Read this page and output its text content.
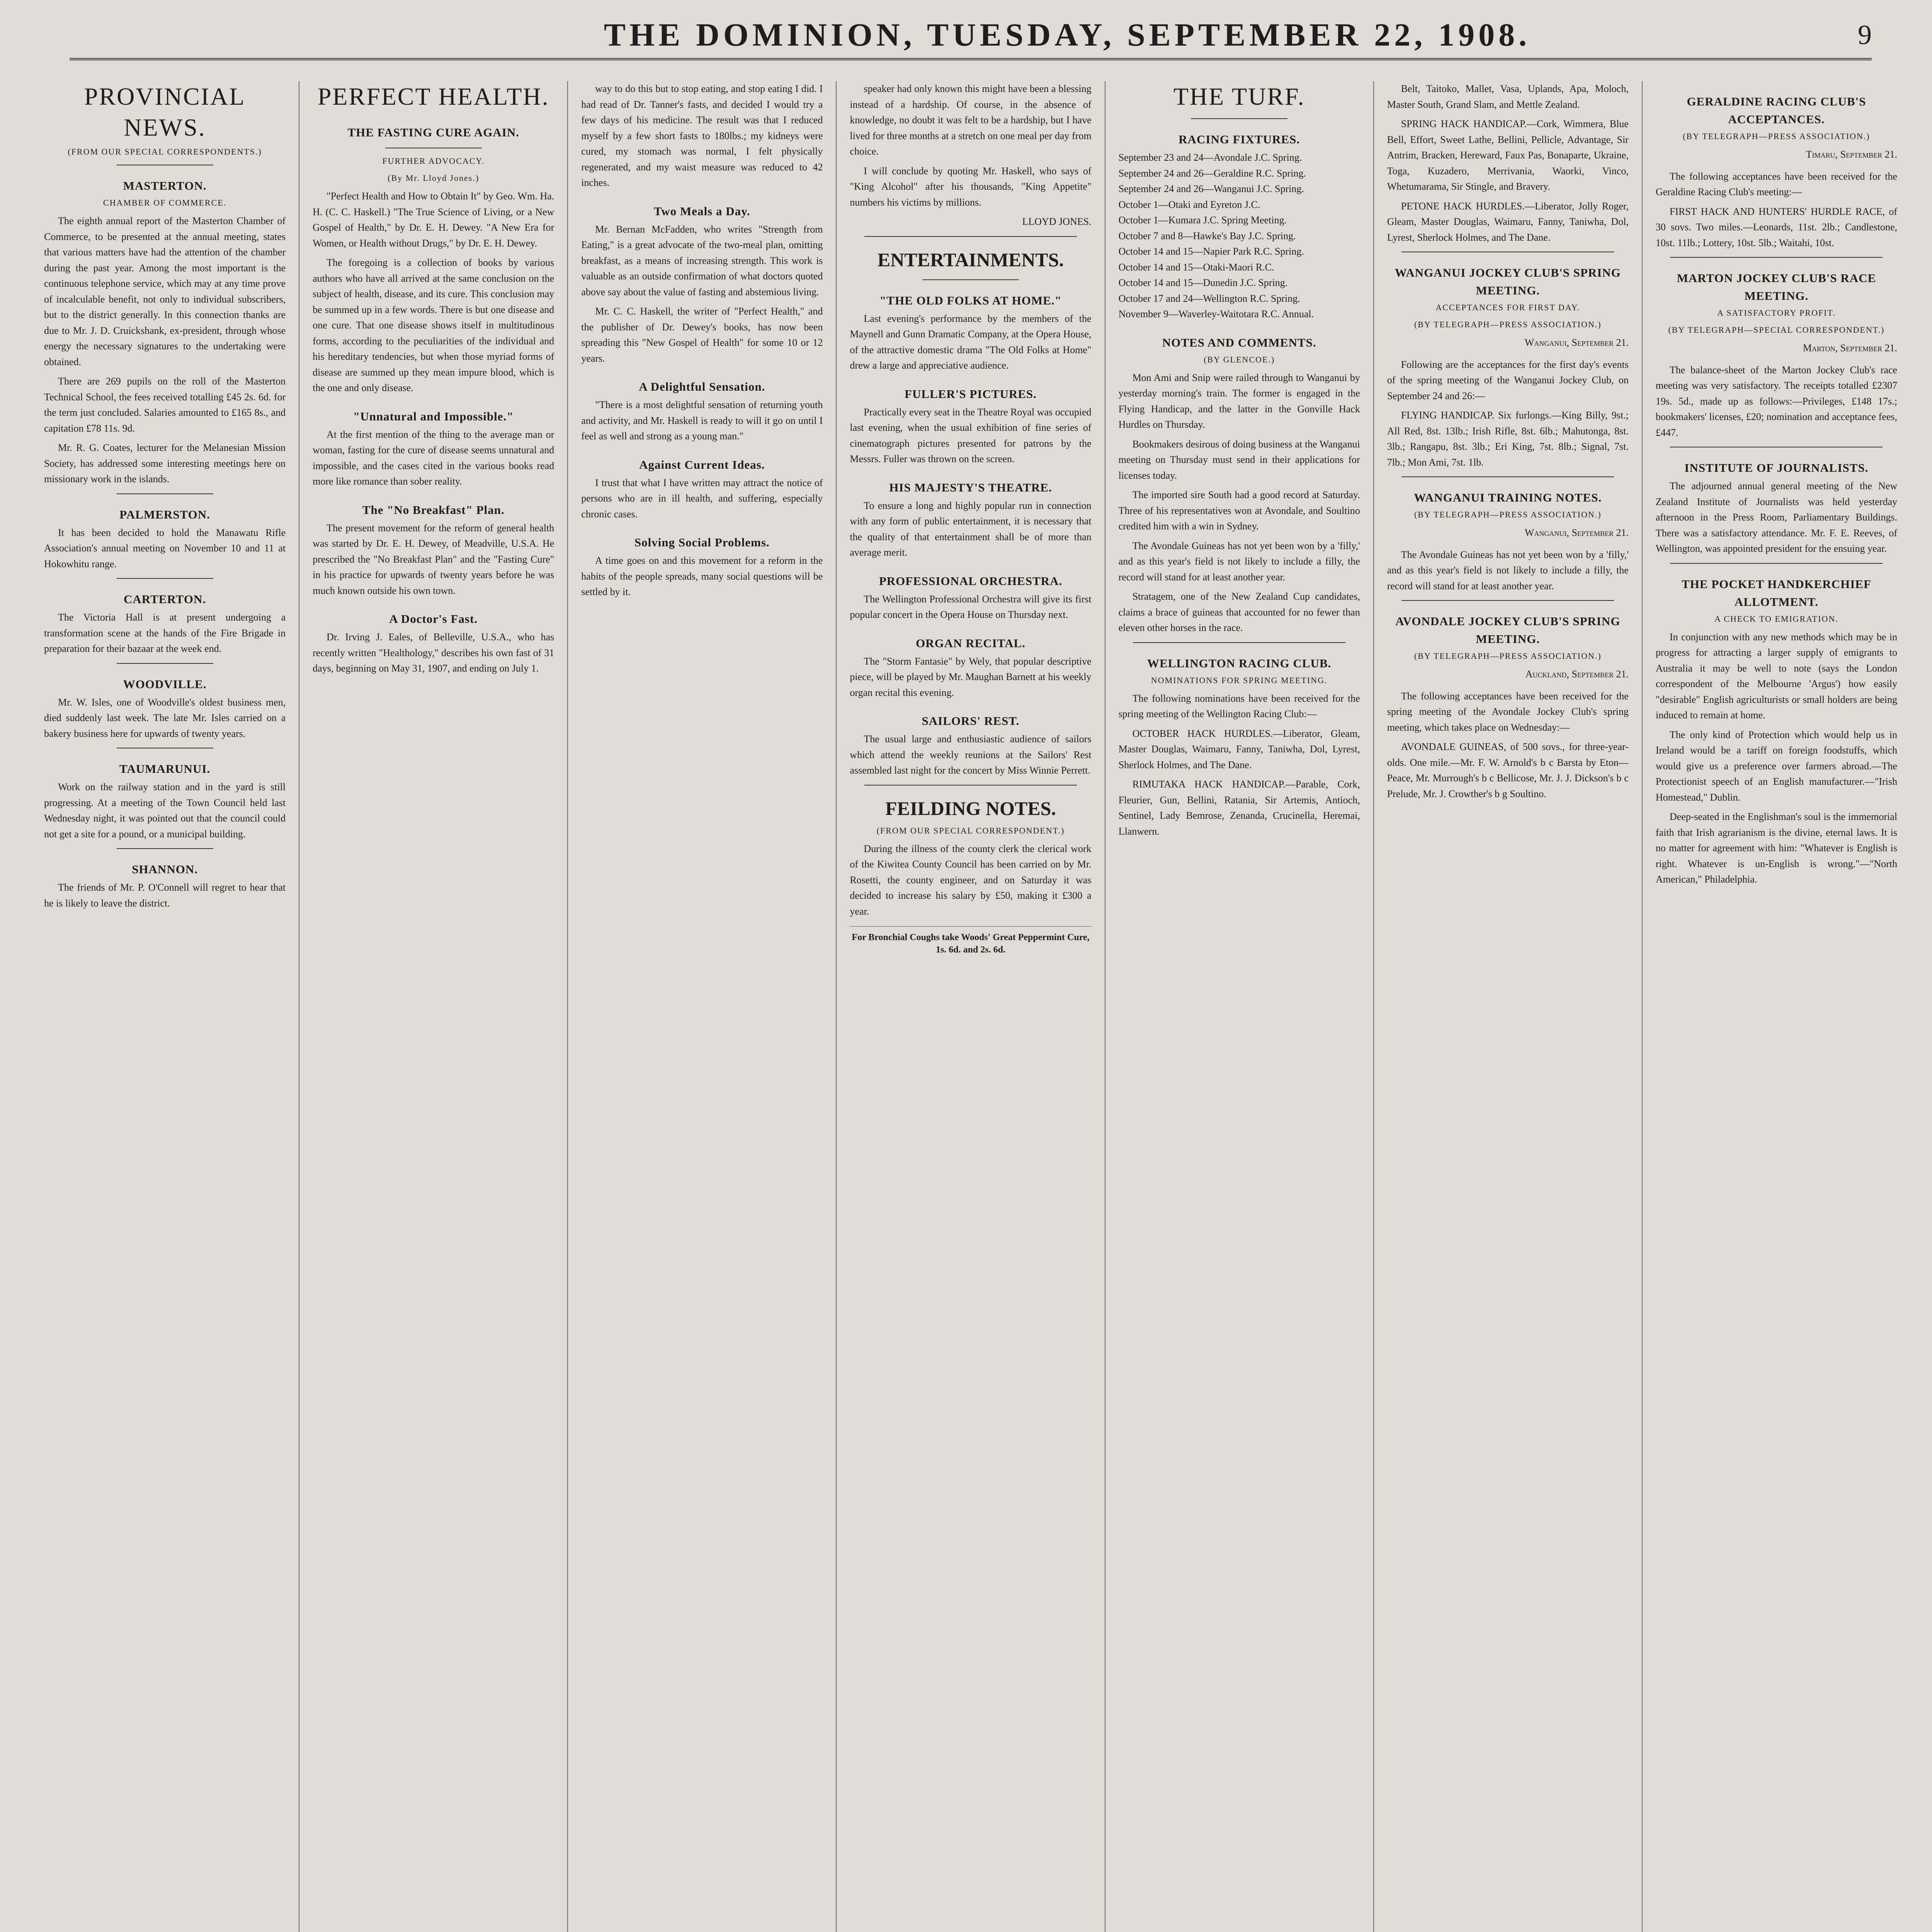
THE DOMINION, TUESDAY, SEPTEMBER 22, 1908.	9
PROVINCIAL NEWS.
(FROM OUR SPECIAL CORRESPONDENTS.)
MASTERTON.
CHAMBER OF COMMERCE.

The eighth annual report of the Masterton Chamber of Commerce, to be presented at the annual meeting, states that various matters have had the attention of the chamber during the past year. Among the most important is the continuous telephone service, which may at any time prove of incalculable benefit, not only to individual subscribers, but to the district generally. In this connection thanks are due to Mr. J. D. Cruickshank, ex-president, through whose energy the necessary signatures to the undertaking were obtained.

There are 269 pupils on the roll of the Masterton Technical School, the fees received totalling £45 2s. 6d. for the term just concluded. Salaries amounted to £165 8s., and capitation £78 11s. 9d.

Mr. R. G. Coates, lecturer for the Melanesian Mission Society, has addressed some interesting meetings here on missionary work in the islands.

PALMERSTON.

It has been decided to hold the Manawatu Rifle Association's annual meeting on November 10 and 11 at Hokowhitu range.

CARTERTON.

The Victoria Hall is at present undergoing a transformation scene at the hands of the Fire Brigade in preparation for their bazaar at the week end.

WOODVILLE.

Mr. W. Isles, one of Woodville's oldest business men, died suddenly last week. The late Mr. Isles carried on a bakery business here for upwards of twenty years.

TAUMARUNUI.

Work on the railway station and in the yard is still progressing. At a meeting of the Town Council held last Wednesday night, it was pointed out that the council could not get a site for a pound, or a municipal building.

SHANNON.

The friends of Mr. P. O'Connell will regret to hear that he is likely to leave the district.

PERFECT HEALTH.
THE FASTING CURE AGAIN.
FURTHER ADVOCACY.
(By Mr. Lloyd Jones.)

"Perfect Health and How to Obtain It" by Geo. Wm. Ha. H. (C. C. Haskell.) "The True Science of Living, or a New Gospel of Health," by Dr. E. H. Dewey. "A New Era for Women, or Health without Drugs," by Dr. E. H. Dewey.

The foregoing is a collection of books by various authors who have all arrived at the same conclusion on the subject of health, disease, and its cure. This conclusion may be summed up in a few words. There is but one disease and one cure. That one disease shows itself in multitudinous forms, according to the peculiarities of the individual and his hereditary tendencies, but when those myriad forms of disease are summed up they mean impure blood, which is the one and only disease.

"Unnatural and Impossible."

At the first mention of the thing to the average man or woman, fasting for the cure of disease seems unnatural and impossible, and the cases cited in the various books read more like romance than sober reality.

The "No Breakfast" Plan.

The present movement for the reform of general health was started by Dr. E. H. Dewey, of Meadville, U.S.A. He prescribed the "No Breakfast Plan" and the "Fasting Cure" in his practice for upwards of twenty years before he was much known outside his own town.

A Doctor's Fast.

Dr. Irving J. Eales, of Belleville, U.S.A., who has recently written "Healthology," describes his own fast of 31 days, beginning on May 31, 1907, and ending on July 1.

way to do this but to stop eating, and stop eating I did. I had read of Dr. Tanner's fasts, and decided I would try a few days of his medicine. The result was that I reduced myself by a few short fasts to 180lbs.; my kidneys were cured, my stomach was normal, I felt physically regenerated, and my waist measure was reduced to 42 inches.

Two Meals a Day.

Mr. Bernan McFadden, who writes "Strength from Eating," is a great advocate of the two-meal plan, omitting breakfast, as a means of increasing strength. This work is valuable as an outside confirmation of what doctors quoted above say about the value of fasting and abstemious living.

Mr. C. C. Haskell, the writer of "Perfect Health," and the publisher of Dr. Dewey's books, has now been spreading this "New Gospel of Health" for some 10 or 12 years.

A Delightful Sensation.

"There is a most delightful sensation of returning youth and activity, and Mr. Haskell is ready to will it go on until I feel as well and strong as a young man."

Against Current Ideas.

I trust that what I have written may attract the notice of persons who are in ill health, and suffering, especially chronic cases.

Solving Social Problems.

A time goes on and this movement for a reform in the habits of the people spreads, many social questions will be settled by it.

speaker had only known this might have been a blessing instead of a hardship. Of course, in the absence of knowledge, no doubt it was felt to be a hardship, but I have lived for three months at a stretch on one meal per day from choice.

I will conclude by quoting Mr. Haskell, who says of "King Alcohol" after his thousands, "King Appetite" numbers his victims by millions.

LLOYD JONES.
ENTERTAINMENTS.
"THE OLD FOLKS AT HOME."

Last evening's performance by the members of the Maynell and Gunn Dramatic Company, at the Opera House, of the attractive domestic drama "The Old Folks at Home" drew a large and appreciative audience.

FULLER'S PICTURES.

Practically every seat in the Theatre Royal was occupied last evening, when the usual exhibition of fine series of cinematograph pictures presented for patrons by the Messrs. Fuller was thrown on the screen.

HIS MAJESTY'S THEATRE.

To ensure a long and highly popular run in connection with any form of public entertainment, it is necessary that the quality of that entertainment shall be of more than average merit.

PROFESSIONAL ORCHESTRA.

The Wellington Professional Orchestra will give its first popular concert in the Opera House on Thursday next.

ORGAN RECITAL.

The "Storm Fantasie" by Wely, that popular descriptive piece, will be played by Mr. Maughan Barnett at his weekly organ recital this evening.

SAILORS' REST.

The usual large and enthusiastic audience of sailors which attend the weekly reunions at the Sailors' Rest assembled last night for the concert by Miss Winnie Perrett.

FEILDING NOTES.
(FROM OUR SPECIAL CORRESPONDENT.)

During the illness of the county clerk the clerical work of the Kiwitea County Council has been carried on by Mr. Rosetti, the county engineer, and on Saturday it was decided to increase his salary by £50, making it £300 a year.

For Bronchial Coughs take Woods' Great Peppermint Cure, 1s. 6d. and 2s. 6d.
THE TURF.
RACING FIXTURES.
September 23 and 24—Avondale J.C. Spring.
September 24 and 26—Geraldine R.C. Spring.
September 24 and 26—Wanganui J.C. Spring.
October 1—Otaki and Eyreton J.C.
October 1—Kumara J.C. Spring Meeting.
October 7 and 8—Hawke's Bay J.C. Spring.
October 14 and 15—Napier Park R.C. Spring.
October 14 and 15—Otaki-Maori R.C.
October 14 and 15—Dunedin J.C. Spring.
October 17 and 24—Wellington R.C. Spring.
November 9—Waverley-Waitotara R.C. Annual.
NOTES AND COMMENTS.
(BY GLENCOE.)

Mon Ami and Snip were railed through to Wanganui by yesterday morning's train. The former is engaged in the Flying Handicap, and the latter in the Gonville Hack Hurdles on Thursday.

Bookmakers desirous of doing business at the Wanganui meeting on Thursday must send in their applications for licenses today.

The imported sire South had a good record at Saturday. Three of his representatives won at Avondale, and Soultino credited him with a win in Sydney.

The Avondale Guineas has not yet been won by a 'filly,' and as this year's field is not likely to include a filly, the record will stand for at least another year.

Stratagem, one of the New Zealand Cup candidates, claims a brace of guineas that accounted for no fewer than eleven other horses in the race.

WELLINGTON RACING CLUB.
NOMINATIONS FOR SPRING MEETING.

The following nominations have been received for the spring meeting of the Wellington Racing Club:—

OCTOBER HACK HURDLES.—Liberator, Gleam, Master Douglas, Waimaru, Fanny, Taniwha, Dol, Lyrest, Sherlock Holmes, and The Dane.

RIMUTAKA HACK HANDICAP.—Parable, Cork, Fleurier, Gun, Bellini, Ratania, Sir Artemis, Antioch, Sentinel, Lady Bemrose, Zenanda, Crucinella, Heremai, Llanwern.

Belt, Taitoko, Mallet, Vasa, Uplands, Apa, Moloch, Master South, Grand Slam, and Mettle Zealand.

SPRING HACK HANDICAP.—Cork, Wimmera, Blue Bell, Effort, Sweet Lathe, Bellini, Pellicle, Advantage, Sir Antrim, Bracken, Hereward, Faux Pas, Bonaparte, Ukraine, Toga, Kuzadero, Merrivania, Waorki, Vinco, Whetumarama, Sir Stingle, and Bravery.

PETONE HACK HURDLES.—Liberator, Jolly Roger, Gleam, Master Douglas, Waimaru, Fanny, Taniwha, Dol, Lyrest, Sherlock Holmes, and The Dane.

WANGANUI JOCKEY CLUB'S SPRING MEETING.
ACCEPTANCES FOR FIRST DAY.
(BY TELEGRAPH—PRESS ASSOCIATION.)
Wanganui, September 21.

Following are the acceptances for the first day's events of the spring meeting of the Wanganui Jockey Club, on September 24 and 26:—

FLYING HANDICAP. Six furlongs.—King Billy, 9st.; All Red, 8st. 13lb.; Irish Rifle, 8st. 6lb.; Mahutonga, 8st. 3lb.; Rangapu, 8st. 3lb.; Eri King, 7st. 8lb.; Signal, 7st. 7lb.; Mon Ami, 7st. 1lb.

WANGANUI TRAINING NOTES.
(BY TELEGRAPH—PRESS ASSOCIATION.)
Wanganui, September 21.

The Avondale Guineas has not yet been won by a 'filly,' and as this year's field is not likely to include a filly, the record will stand for at least another year.

AVONDALE JOCKEY CLUB'S SPRING MEETING.
(BY TELEGRAPH—PRESS ASSOCIATION.)
Auckland, September 21.

The following acceptances have been received for the spring meeting of the Avondale Jockey Club's spring meeting, which takes place on Wednesday:—

AVONDALE GUINEAS, of 500 sovs., for three-year-olds. One mile.—Mr. F. W. Arnold's b c Barsta by Eton—Peace, Mr. Murrough's b c Bellicose, Mr. J. J. Dickson's b c Prelude, Mr. J. Crowther's b g Soultino.

GERALDINE RACING CLUB'S ACCEPTANCES.
(BY TELEGRAPH—PRESS ASSOCIATION.)
Timaru, September 21.

The following acceptances have been received for the Geraldine Racing Club's meeting:—

FIRST HACK AND HUNTERS' HURDLE RACE, of 30 sovs. Two miles.—Leonards, 11st. 2lb.; Candlestone, 10st. 11lb.; Lottery, 10st. 5lb.; Waitahi, 10st.

MARTON JOCKEY CLUB'S RACE MEETING.
A SATISFACTORY PROFIT.
(BY TELEGRAPH—SPECIAL CORRESPONDENT.)
Marton, September 21.

The balance-sheet of the Marton Jockey Club's race meeting was very satisfactory. The receipts totalled £2307 19s. 5d., made up as follows:—Privileges, £148 17s.; bookmakers' licenses, £20; nomination and acceptance fees, £447.

INSTITUTE OF JOURNALISTS.

The adjourned annual general meeting of the New Zealand Institute of Journalists was held yesterday afternoon in the Press Room, Parliamentary Buildings. There was a satisfactory attendance. Mr. F. E. Reeves, of Wellington, was appointed president for the ensuing year.

THE POCKET HANDKERCHIEF ALLOTMENT.
A CHECK TO EMIGRATION.

In conjunction with any new methods which may be in progress for attracting a larger supply of emigrants to Australia it may be well to note (says the London correspondent of the Melbourne 'Argus') how easily "desirable" English agriculturists or small holders are being induced to remain at home.

The only kind of Protection which would help us in Ireland would be a tariff on foreign foodstuffs, which would give us a preference over farmers abroad.—The Protectionist speech of an English manufacturer.—"Irish Homestead," Dublin.

Deep-seated in the Englishman's soul is the immemorial faith that Irish agrarianism is the divine, eternal laws. It is no matter for agreement with him: "Whatever is English is right. Whatever is un-English is wrong."—"North American," Philadelphia.
